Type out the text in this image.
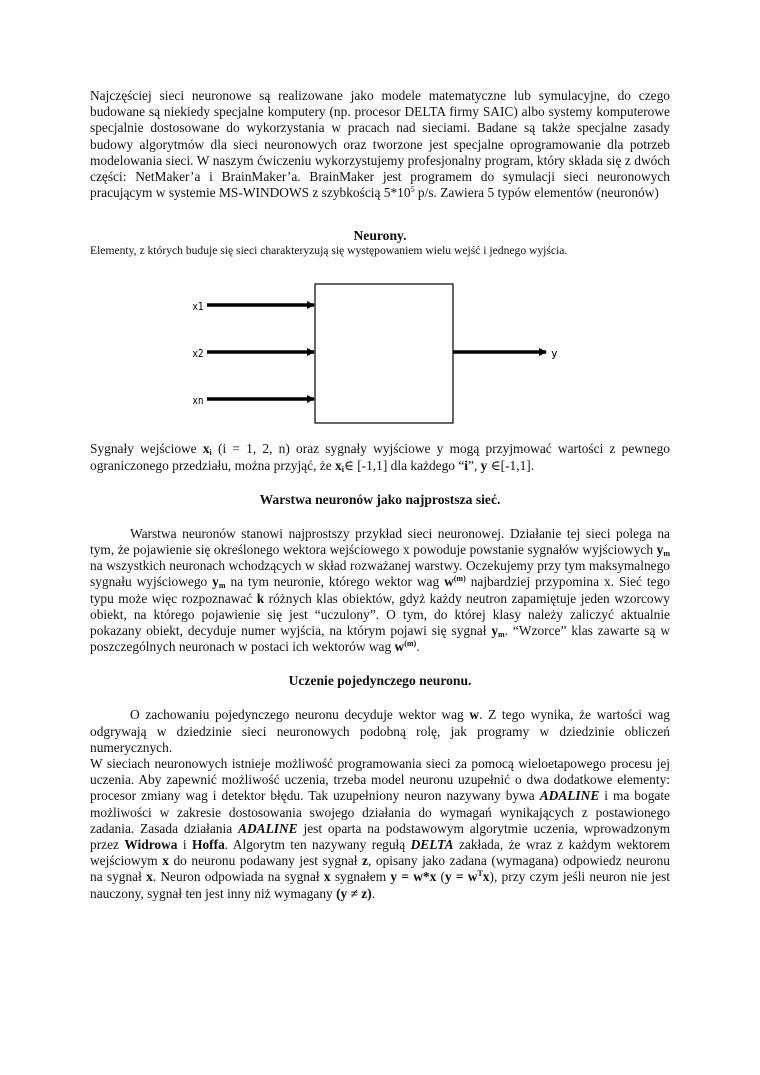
Najczęściej sieci neuronowe są realizowane jako modele matematyczne lub symulacyjne, do czego budowane są niekiedy specjalne komputery (np. procesor DELTA firmy SAIC) albo systemy komputerowe specjalnie dostosowane do wykorzystania w pracach nad sieciami. Badane są także specjalne zasady budowy algorytmów dla sieci neuronowych oraz tworzone jest specjalne oprogramowanie dla potrzeb modelowania sieci. W naszym ćwiczeniu wykorzystujemy profesjonalny program, który składa się z dwóch części: NetMaker’a i BrainMaker’a. BrainMaker jest programem do symulacji sieci neuronowych pracującym w systemie MS-WINDOWS z szybkością $5*10^5$ p/s. Zawiera 5 typów elementów (neuronów)

Neurony.

Elementy, z których buduje się sieci charakteryzują się występowaniem wielu wejść i jednego wyjścia.

x1
x2
xn
y

Sygnały wejściowe $x_i$ (i = 1, 2, n) oraz sygnały wyjściowe y mogą przyjmować wartości z pewnego ograniczonego przedziału, można przyjąć, że $x_i\in$ [-1,1] dla każdego “i”, y ∈[-1,1].

Warstwa neuronów jako najprostsza sieć.

Warstwa neuronów stanowi najprostszy przykład sieci neuronowej. Działanie tej sieci polega na tym, że pojawienie się określonego wektora wejściowego x powoduje powstanie sygnałów wyjściowych $y_m$ na wszystkich neuronach wchodzących w skład rozważanej warstwy. Oczekujemy przy tym maksymalnego sygnału wyjściowego $y_m$ na tym neuronie, którego wektor wag $w^{(m)}$ najbardziej przypomina x. Sieć tego typu może więc rozpoznawać k różnych klas obiektów, gdyż każdy neutron zapamiętuje jeden wzorcowy obiekt, na którego pojawienie się jest “uczulony”. O tym, do której klasy należy zaliczyć aktualnie pokazany obiekt, decyduje numer wyjścia, na którym pojawi się sygnał $y_m$. “Wzorce” klas zawarte są w poszczególnych neuronach w postaci ich wektorów wag $w^{(m)}$.

Uczenie pojedynczego neuronu.

O zachowaniu pojedynczego neuronu decyduje wektor wag w. Z tego wynika, że wartości wag odgrywają w dziedzinie sieci neuronowych podobną rolę, jak programy w dziedzinie obliczeń numerycznych.

W sieciach neuronowych istnieje możliwość programowania sieci za pomocą wieloetapowego procesu jej uczenia. Aby zapewnić możliwość uczenia, trzeba model neuronu uzupełnić o dwa dodatkowe elementy: procesor zmiany wag i detektor błędu. Tak uzupełniony neuron nazywany bywa ADALINE i ma bogate możliwości w zakresie dostosowania swojego działania do wymagań wynikających z postawionego zadania. Zasada działania ADALINE jest oparta na podstawowym algorytmie uczenia, wprowadzonym przez Widrowa i Hoffa. Algorytm ten nazywany regułą DELTA zakłada, że wraz z każdym wektorem wejściowym x do neuronu podawany jest sygnał z, opisany jako zadana (wymagana) odpowiedz neuronu na sygnał x. Neuron odpowiada na sygnał x sygnałem y = w*x $(y = w^Tx)$, przy czym jeśli neuron nie jest nauczony, sygnał ten jest inny niż wymagany (y ≠ z).
